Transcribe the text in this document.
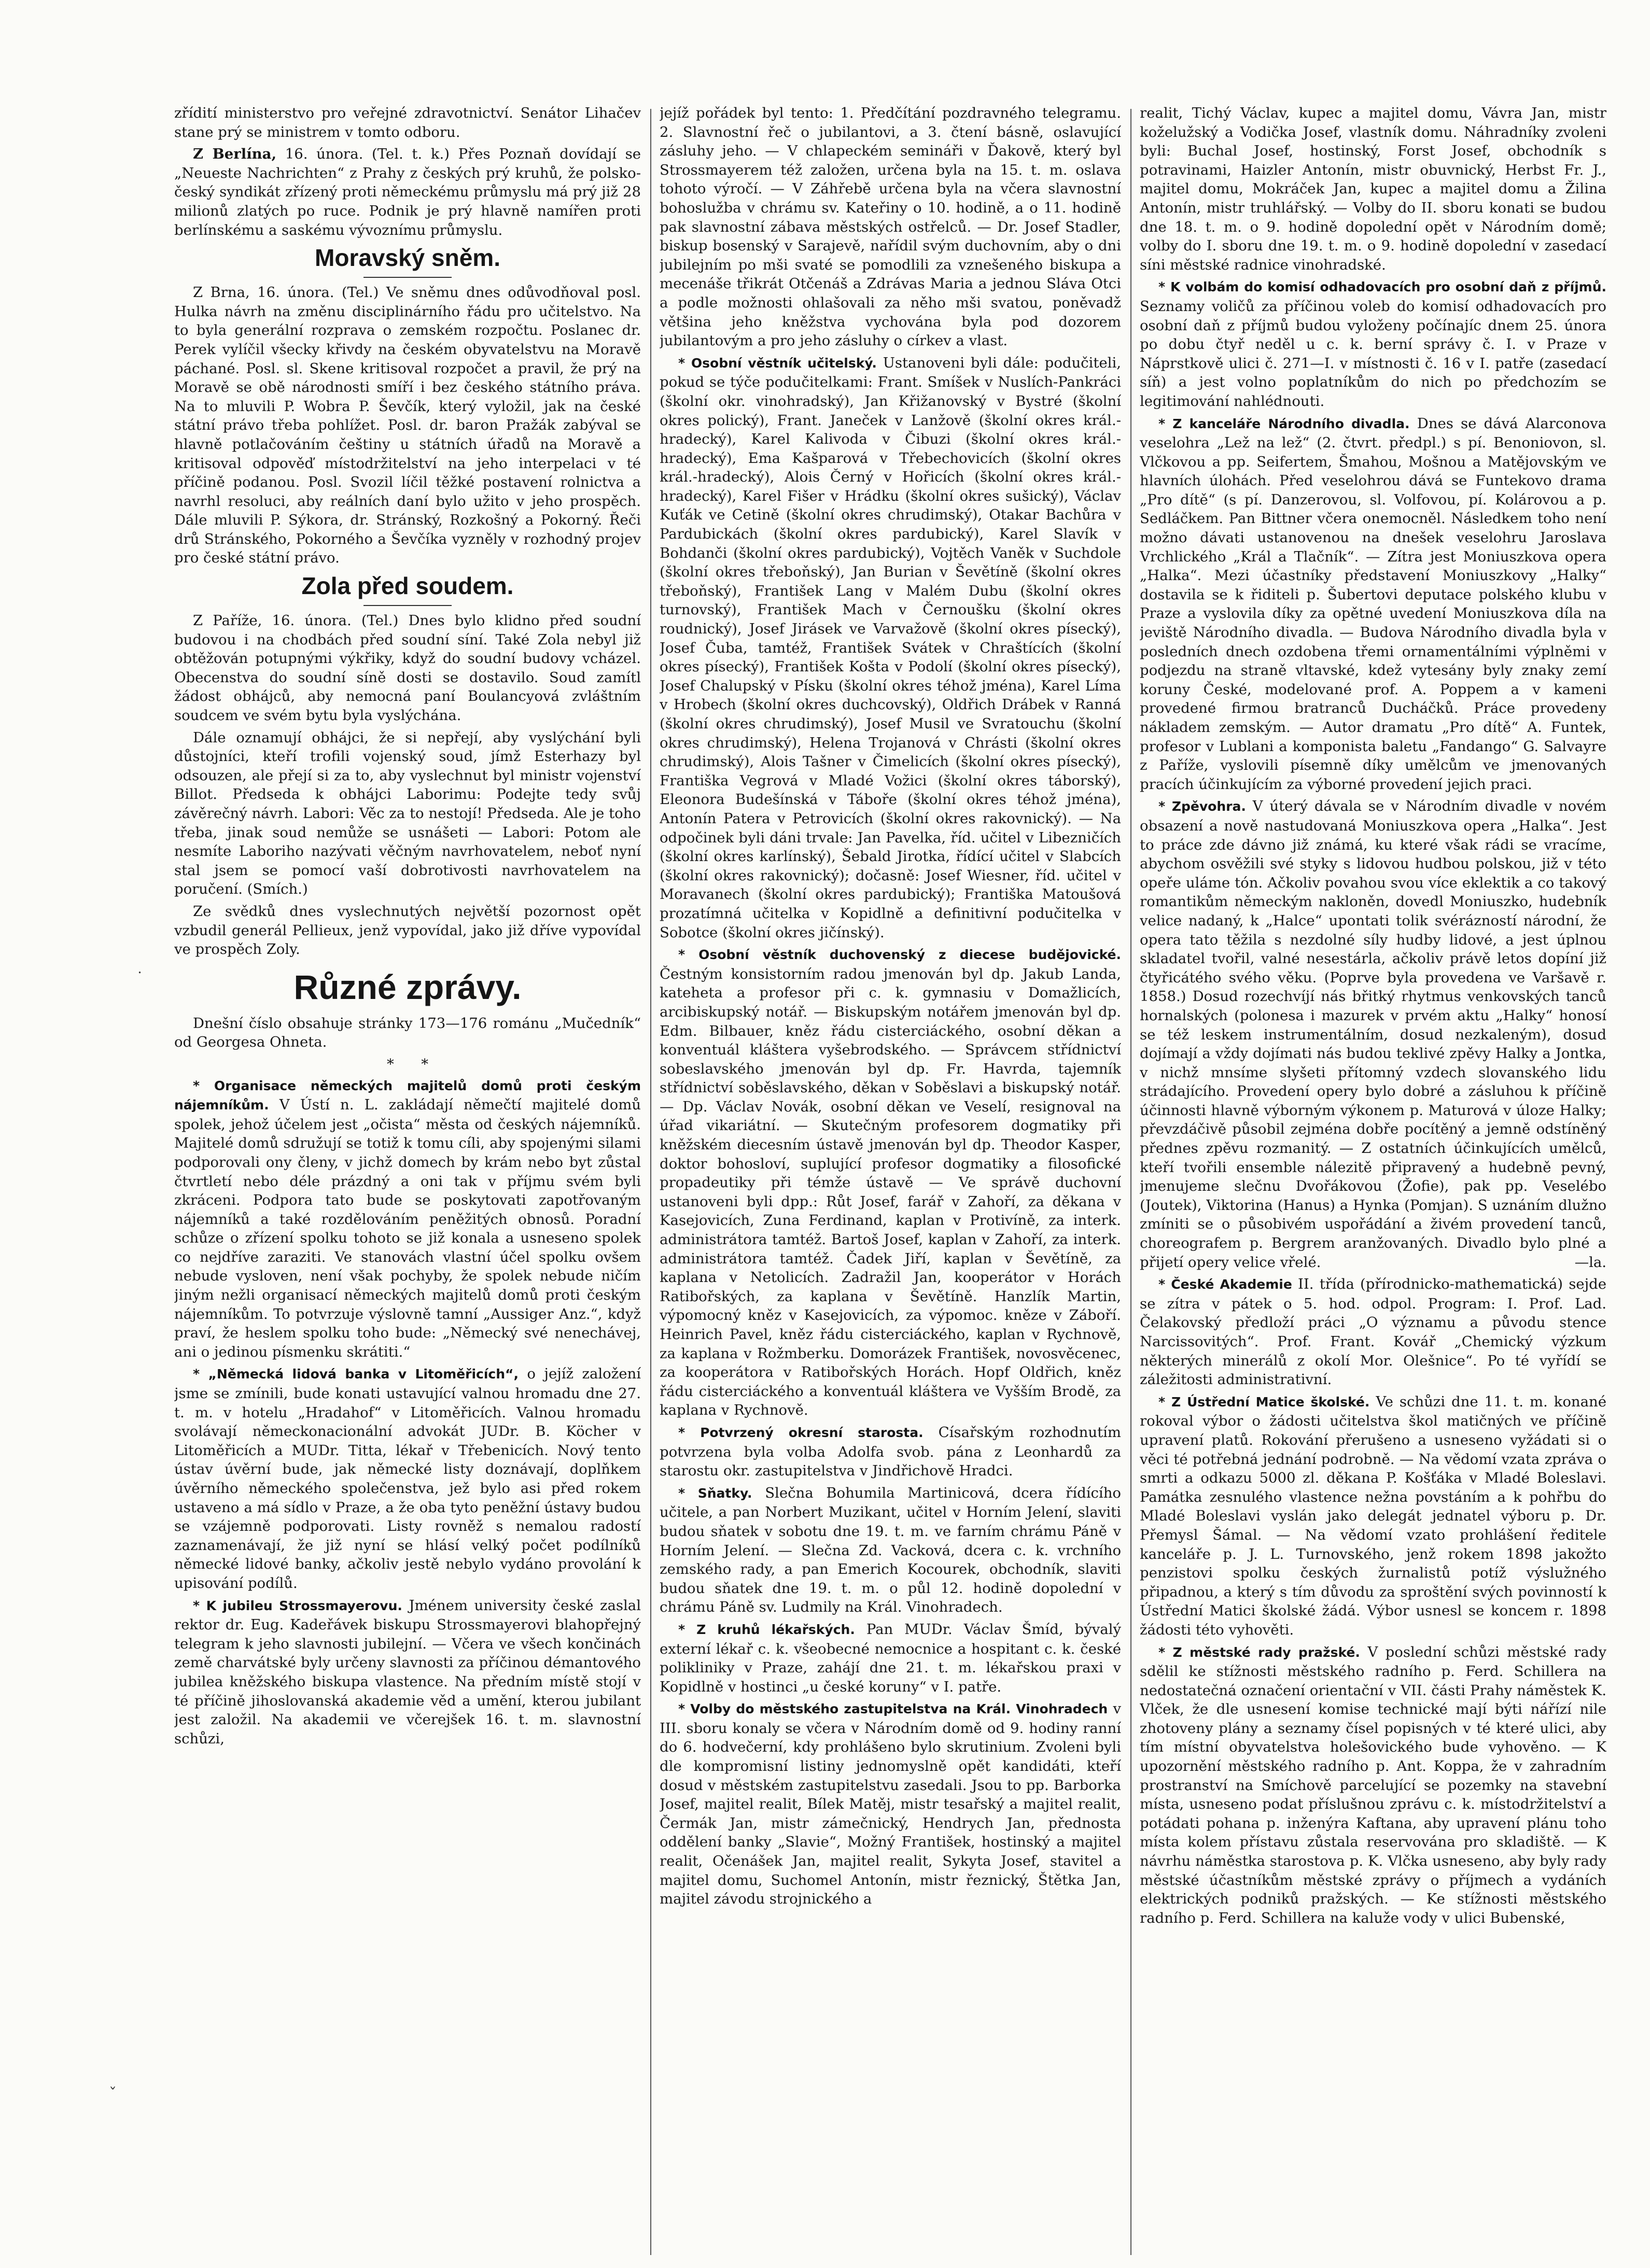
˙
ˇ

zřídití ministerstvo pro veřejné zdravotnictví. Senátor Lihačev stane prý se ministrem v tomto odboru.

Z Berlína, 16. února. (Tel. t. k.) Přes Poznaň dovídají se „Neueste Nachrichten“ z Prahy z českých prý kruhů, že polsko-český syndikát zřízený proti německému průmyslu má prý již 28 milionů zlatých po ruce. Podnik je prý hlavně namířen proti berlínskému a saskému vývoznímu průmyslu.

Moravský sněm.

Z Brna, 16. února. (Tel.) Ve sněmu dnes odůvodňoval posl. Hulka návrh na změnu disciplinárního řádu pro učitelstvo. Na to byla generální rozprava o zemském rozpočtu. Poslanec dr. Perek vylíčil všecky křivdy na českém obyvatelstvu na Moravě páchané. Posl. sl. Skene kritisoval rozpočet a pravil, že prý na Moravě se obě národnosti smíří i bez českého státního práva. Na to mluvili P. Wobra P. Ševčík, který vyložil, jak na české státní právo třeba pohlížet. Posl. dr. baron Pražák zabýval se hlavně potlačováním češtiny u státních úřadů na Moravě a kritisoval odpověď místodržitelství na jeho interpelaci v té příčině podanou. Posl. Svozil líčil těžké postavení rolnictva a navrhl resoluci, aby reálních daní bylo užito v jeho prospěch. Dále mluvili P. Sýkora, dr. Stránský, Rozkošný a Pokorný. Řeči drů Stránského, Pokorného a Ševčíka vyzněly v rozhodný projev pro české státní právo.

Zola před soudem.

Z Paříže, 16. února. (Tel.) Dnes bylo klidno před soudní budovou i na chodbách před soudní síní. Také Zola nebyl již obtěžován potupnými výkřiky, když do soudní budovy vcházel. Obecenstva do soudní síně dosti se dostavilo. Soud zamítl žádost obhájců, aby nemocná paní Boulancyová zvláštním soudcem ve svém bytu byla vyslýchána.

Dále oznamují obhájci, že si nepřejí, aby vyslýchání byli důstojníci, kteří trofili vojenský soud, jímž Esterhazy byl odsouzen, ale přejí si za to, aby vyslechnut byl ministr vojenství Billot. Předseda k obhájci Laborimu: Podejte tedy svůj závěrečný návrh. Labori: Věc za to nestojí! Předseda. Ale je toho třeba, jinak soud nemůže se usnášeti — Labori: Potom ale nesmíte Laboriho nazývati věčným navrhovatelem, neboť nyní stal jsem se pomocí vaší dobrotivosti navrhovatelem na poručení. (Smích.)

Ze svědků dnes vyslechnutých největší pozornost opět vzbudil generál Pellieux, jenž vypovídal, jako již dříve vypovídal ve prospěch Zoly.

Různé zprávy.

Dnešní číslo obsahuje stránky 173—176 románu „Mučedník“ od Georgesa Ohneta.

*      *

* Organisace německých majitelů domů proti českým nájemníkům. V Ústí n. L. zakládají němečtí majitelé domů spolek, jehož účelem jest „očista“ města od českých nájemníků. Majitelé domů sdružují se totiž k tomu cíli, aby spojenými silami podporovali ony členy, v jichž domech by krám nebo byt zůstal čtvrtletí nebo déle prázdný a oni tak v příjmu svém byli zkráceni. Podpora tato bude se poskytovati zapotřovaným nájemníků a také rozdělováním peněžitých obnosů. Poradní schůze o zřízení spolku tohoto se již konala a usneseno spolek co nejdříve zaraziti. Ve stanovách vlastní účel spolku ovšem nebude vysloven, není však pochyby, že spolek nebude ničím jiným nežli organisací německých majitelů domů proti českým nájemníkům. To potvrzuje výslovně tamní „Aussiger Anz.“, když praví, že heslem spolku toho bude: „Německý své nenechávej, ani o jedinou písmenku skrátiti.“

* „Německá lidová banka v Litoměřicích“, o jejíž založení jsme se zmínili, bude konati ustavující valnou hromadu dne 27. t. m. v hotelu „Hradahof“ v Litoměřicích. Valnou hromadu svolávají německonacionální advokát JUDr. B. Köcher v Litoměřicích a MUDr. Titta, lékař v Třebenicích. Nový tento ústav úvěrní bude, jak německé listy doznávají, doplňkem úvěrního německého společenstva, jež bylo asi před rokem ustaveno a má sídlo v Praze, a že oba tyto peněžní ústavy budou se vzájemně podporovati. Listy rovněž s nemalou radostí zaznamenávají, že již nyní se hlásí velký počet podílníků německé lidové banky, ačkoliv jestě nebylo vydáno provolání k upisování podílů.

* K jubileu Strossmayerovu. Jménem university české zaslal rektor dr. Eug. Kadeřávek biskupu Strossmayerovi blahopřejný telegram k jeho slavnosti jubilejní. — Včera ve všech končinách země charvátské byly určeny slavnosti za příčinou démantového jubilea kněžského biskupa vlastence. Na předním místě stojí v té příčině jihoslovanská akademie věd a umění, kterou jubilant jest založil. Na akademii ve včerejšek 16. t. m. slavnostní schůzi,

jejíž pořádek byl tento: 1. Předčítání pozdravného telegramu. 2. Slavnostní řeč o jubilantovi, a 3. čtení básně, oslavující zásluhy jeho. — V chlapeckém semináři v Ďakově, který byl Strossmayerem též založen, určena byla na 15. t. m. oslava tohoto výročí. — V Záhřebě určena byla na včera slavnostní bohoslužba v chrámu sv. Kateřiny o 10. hodině, a o 11. hodině pak slavnostní zábava městských ostřelců. — Dr. Josef Stadler, biskup bosenský v Sarajevě, nařídil svým duchovním, aby o dni jubilejním po mši svaté se pomodlili za vznešeného biskupa a mecenáše třikrát Otčenáš a Zdrávas Maria a jednou Sláva Otci a podle možnosti ohlašovali za něho mši svatou, poněvadž většina jeho kněžstva vychována byla pod dozorem jubilantovým a pro jeho zásluhy o církev a vlast.

* Osobní věstník učitelský. Ustanoveni byli dále: podučiteli, pokud se týče podučitelkami: Frant. Smíšek v Nuslích-Pankráci (školní okr. vinohradský), Jan Křižanovský v Bystré (školní okres polický), Frant. Janeček v Lanžově (školní okres král.-hradecký), Karel Kalivoda v Čibuzi (školní okres král.-hradecký), Ema Kašparová v Třebechovicích (školní okres král.-hradecký), Alois Černý v Hořicích (školní okres král.-hradecký), Karel Fišer v Hrádku (školní okres sušický), Václav Kuťák ve Cetině (školní okres chrudimský), Otakar Bachůra v Pardubickách (školní okres pardubický), Karel Slavík v Bohdanči (školní okres pardubický), Vojtěch Vaněk v Suchdole (školní okres třeboňský), Jan Burian v Ševětíně (školní okres třeboňský), František Lang v Malém Dubu (školní okres turnovský), František Mach v Černoušku (školní okres roudnický), Josef Jirásek ve Varvažově (školní okres písecký), Josef Čuba, tamtéž, František Svátek v Chraštících (školní okres písecký), František Košta v Podolí (školní okres písecký), Josef Chalupský v Písku (školní okres téhož jména), Karel Líma v Hrobech (školní okres duchcovský), Oldřich Drábek v Ranná (školní okres chrudimský), Josef Musil ve Svratouchu (školní okres chrudimský), Helena Trojanová v Chrásti (školní okres chrudimský), Alois Tašner v Čimelicích (školní okres písecký), Františka Vegrová v Mladé Vožici (školní okres táborský), Eleonora Budešínská v Táboře (školní okres téhož jména), Antonín Patera v Petrovicích (školní okres rakovnický). — Na odpočinek byli dáni trvale: Jan Pavelka, říd. učitel v Libezničích (školní okres karlínský), Šebald Jirotka, řídící učitel v Slabcích (školní okres rakovnický); dočasně: Josef Wiesner, říd. učitel v Moravanech (školní okres pardubický); Františka Matoušová prozatímná učitelka v Kopidlně a definitivní podučitelka v Sobotce (školní okres jičínský).

* Osobní věstník duchovenský z diecese budějovické. Čestným konsistorním radou jmenován byl dp. Jakub Landa, kateheta a profesor při c. k. gymnasiu v Domažlicích, arcibiskupský notář. — Biskupským notářem jmenován byl dp. Edm. Bilbauer, kněz řádu cisterciáckého, osobní děkan a konventuál kláštera vyšebrodského. — Správcem střídnictví sobeslavského jmenován byl dp. Fr. Havrda, tajemník střídnictví soběslavského, děkan v Soběslavi a biskupský notář. — Dp. Václav Novák, osobní děkan ve Veselí, resignoval na úřad vikariátní. — Skutečným profesorem dogmatiky při kněžském diecesním ústavě jmenován byl dp. Theodor Kasper, doktor bohosloví, suplující profesor dogmatiky a filosofické propadeutiky při témže ústavě — Ve správě duchovní ustanoveni byli dpp.: Růt Josef, farář v Zahoří, za děkana v Kasejovicích, Zuna Ferdinand, kaplan v Protivíně, za interk. administrátora tamtéž. Bartoš Josef, kaplan v Zahoří, za interk. administrátora tamtéž. Čadek Jiří, kaplan v Ševětíně, za kaplana v Netolicích. Zadražil Jan, kooperátor v Horách Ratibořských, za kaplana v Ševětíně. Hanzlík Martin, výpomocný kněz v Kasejovicích, za výpomoc. kněze v Záboří. Heinrich Pavel, kněz řádu cisterciáckého, kaplan v Rychnově, za kaplana v Rožmberku. Domorázek František, novosvěcenec, za kooperátora v Ratibořských Horách. Hopf Oldřich, kněz řádu cisterciáckého a konventuál kláštera ve Vyšším Brodě, za kaplana v Rychnově.

* Potvrzený okresní starosta. Císařským rozhodnutím potvrzena byla volba Adolfa svob. pána z Leonhardů za starostu okr. zastupitelstva v Jindřichově Hradci.

* Sňatky. Slečna Bohumila Martinicová, dcera řídícího učitele, a pan Norbert Muzikant, učitel v Horním Jelení, slaviti budou sňatek v sobotu dne 19. t. m. ve farním chrámu Páně v Horním Jelení. — Slečna Zd. Vacková, dcera c. k. vrchního zemského rady, a pan Emerich Kocourek, obchodník, slaviti budou sňatek dne 19. t. m. o půl 12. hodině dopolední v chrámu Páně sv. Ludmily na Král. Vinohradech.

* Z kruhů lékařských. Pan MUDr. Václav Šmíd, bývalý externí lékař c. k. všeobecné nemocnice a hospitant c. k. české polikliniky v Praze, zahájí dne 21. t. m. lékařskou praxi v Kopidlně v hostinci „u české koruny“ v I. patře.

* Volby do městského zastupitelstva na Král. Vinohradech v III. sboru konaly se včera v Národním domě od 9. hodiny ranní do 6. hodvečerní, kdy prohlášeno bylo skrutinium. Zvoleni byli dle kompromisní listiny jednomyslně opět kandidáti, kteří dosud v městském zastupitelstvu zasedali. Jsou to pp. Barborka Josef, majitel realit, Bílek Matěj, mistr tesařský a majitel realit, Čermák Jan, mistr zámečnický, Hendrych Jan, přednosta oddělení banky „Slavie“, Možný František, hostinský a majitel realit, Očenášek Jan, majitel realit, Sykyta Josef, stavitel a majitel domu, Suchomel Antonín, mistr řeznický, Štětka Jan, majitel závodu strojnického a

realit, Tichý Václav, kupec a majitel domu, Vávra Jan, mistr koželužský a Vodička Josef, vlastník domu. Náhradníky zvoleni byli: Buchal Josef, hostinský, Forst Josef, obchodník s potravinami, Haizler Antonín, mistr obuvnický, Herbst Fr. J., majitel domu, Mokráček Jan, kupec a majitel domu a Žilina Antonín, mistr truhlářský. — Volby do II. sboru konati se budou dne 18. t. m. o 9. hodině dopolední opět v Národním domě; volby do I. sboru dne 19. t. m. o 9. hodině dopolední v zasedací síni městské radnice vinohradské.

* K volbám do komisí odhadovacích pro osobní daň z příjmů. Seznamy voličů za příčinou voleb do komisí odhadovacích pro osobní daň z příjmů budou vyloženy počínajíc dnem 25. února po dobu čtyř neděl u c. k. berní správy č. I. v Praze v Náprstkově ulici č. 271—I. v místnosti č. 16 v I. patře (zasedací síň) a jest volno poplatníkům do nich po předchozím se legitimování nahlédnouti.

* Z kanceláře Národního divadla. Dnes se dává Alarconova veselohra „Lež na lež“ (2. čtvrt. předpl.) s pí. Benoniovon, sl. Vlčkovou a pp. Seifertem, Šmahou, Mošnou a Matějovským ve hlavních úlohách. Před veselohrou dává se Funtekovo drama „Pro dítě“ (s pí. Danzerovou, sl. Volfovou, pí. Kolárovou a p. Sedláčkem. Pan Bittner včera onemocněl. Následkem toho není možno dávati ustanovenou na dnešek veselohru Jaroslava Vrchlického „Král a Tlačník“. — Zítra jest Moniuszkova opera „Halka“. Mezi účastníky představení Moniuszkovy „Halky“ dostavila se k řiditeli p. Šubertovi deputace polského klubu v Praze a vyslovila díky za opětné uvedení Moniuszkova díla na jeviště Národního divadla. — Budova Národního divadla byla v posledních dnech ozdobena třemi ornamentálními výplněmi v podjezdu na straně vltavské, kdež vytesány byly znaky zemí koruny České, modelované prof. A. Poppem a v kameni provedené firmou bratranců Ducháčků. Práce provedeny nákladem zemským. — Autor dramatu „Pro dítě“ A. Funtek, profesor v Lublani a komponista baletu „Fandango“ G. Salvayre z Paříže, vyslovili písemně díky umělcům ve jmenovaných pracích účinkujícím za výborné provedení jejich praci.

* Zpěvohra. V úterý dávala se v Národním divadle v novém obsazení a nově nastudovaná Moniuszkova opera „Halka“. Jest to práce zde dávno již známá, ku které však rádi se vracíme, abychom osvěžili své styky s lidovou hudbou polskou, již v této opeře uláme tón. Ačkoliv povahou svou více eklektik a co takový romantikům německým nakloněn, dovedl Moniuszko, hudebník velice nadaný, k „Halce“ upontati tolik svérázností národní, že opera tato těžila s nezdolné síly hudby lidové, a jest úplnou skladatel tvořil, valné nesestárla, ačkoliv právě letos dopíní již čtyřicátého svého věku. (Poprve byla provedena ve Varšavě r. 1858.) Dosud rozechvíjí nás břitký rhytmus venkovských tanců hornalských (polonesa i mazurek v prvém aktu „Halky“ honosí se též leskem instrumentálním, dosud nezkaleným), dosud dojímají a vždy dojímati nás budou teklivé zpěvy Halky a Jontka, v nichž mnsíme slyšeti přítomný vzdech slovanského lidu strádajícího. Provedení opery bylo dobré a zásluhou k příčině účinnosti hlavně výborným výkonem p. Maturová v úloze Halky; převzdáčivě působil zejména dobře pocítěný a jemně odstíněný přednes zpěvu rozmanitý. — Z ostatních účinkujících umělců, kteří tvořili ensemble nálezitě připravený a hudebně pevný, jmenujeme slečnu Dvořákovou (Žofie), pak pp. Veselébo (Joutek), Viktorina (Hanus) a Hynka (Pomjan). S uznáním dlužno zmíniti se o působivém uspořádání a živém provedení tanců, choreografem p. Bergrem aranžovaných. Divadlo bylo plné a přijetí opery velice vřelé.	—la.

* České Akademie II. třída (přírodnicko-mathematická) sejde se zítra v pátek o 5. hod. odpol. Program: I. Prof. Lad. Čelakovský předloží práci „O významu a původu stence Narcissovitých“. Prof. Frant. Kovář „Chemický výzkum některých minerálů z okolí Mor. Olešnice“. Po té vyřídí se záležitosti administrativní.

* Z Ústřední Matice školské. Ve schůzi dne 11. t. m. konané rokoval výbor o žádosti učitelstva škol matičných ve příčině upravení platů. Rokování přerušeno a usneseno vyžádati si o věci té potřebná jednání podrobně. — Na vědomí vzata zpráva o smrti a odkazu 5000 zl. děkana P. Košťáka v Mladé Boleslavi. Památka zesnulého vlastence nežna povstáním a k pohřbu do Mladé Boleslavi vyslán jako delegát jednatel výboru p. Dr. Přemysl Šámal. — Na vědomí vzato prohlášení ředitele kanceláře p. J. L. Turnovského, jenž rokem 1898 jakožto penzistovi spolku českých žurnalistů potíž výslužného připadnou, a který s tím důvodu za sproštění svých povinností k Ústřední Matici školské žádá. Výbor usnesl se koncem r. 1898 žádosti této vyhověti.

* Z městské rady pražské. V poslední schůzi městské rady sdělil ke stížnosti městského radního p. Ferd. Schillera na nedostatečná označení orientační v VII. části Prahy náměstek K. Vlček, že dle usnesení komise technické mají býti nářízí nile zhotoveny plány a seznamy čísel popisných v té které ulici, aby tím místní obyvatelstva holešovického bude vyhověno. — K upozornění městského radního p. Ant. Koppa, že v zahradním prostranství na Smíchově parcelující se pozemky na stavební místa, usneseno podat příslušnou zprávu c. k. místodržitelství a potádati pohana p. inženýra Kaftana, aby upravení plánu toho místa kolem přístavu zůstala reservována pro skladiště. — K návrhu náměstka starostova p. K. Vlčka usneseno, aby byly rady městské účastníkům městské zprávy o příjmech a vydáních elektrických podniků pražských. — Ke stížnosti městského radního p. Ferd. Schillera na kaluže vody v ulici Bubenské,
